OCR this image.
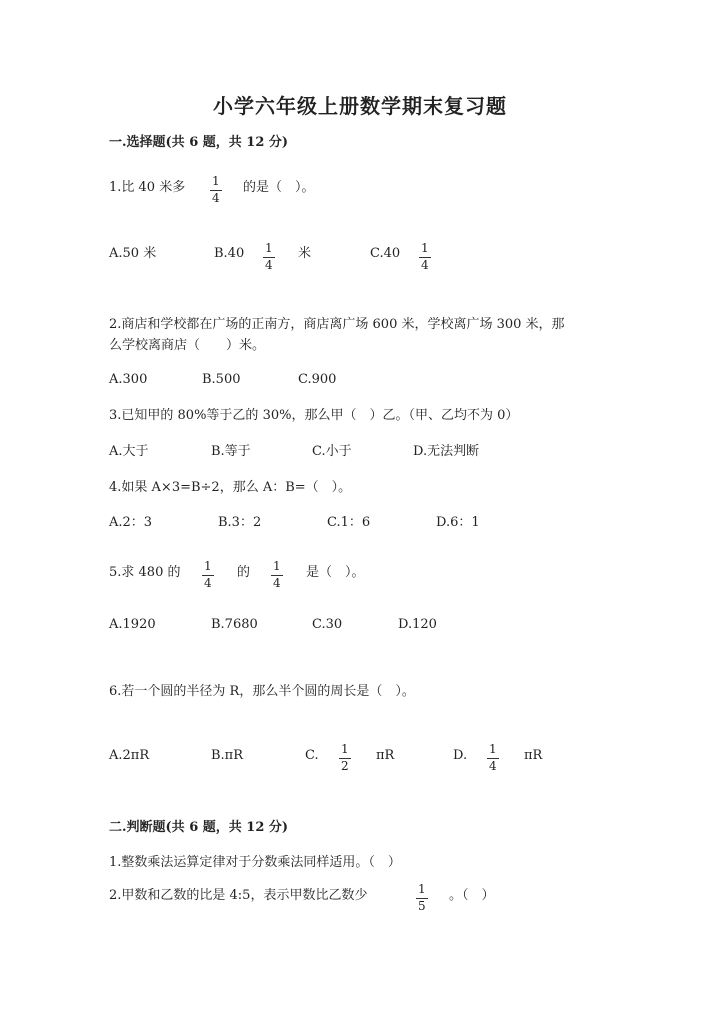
小学六年级上册数学期末复习题
一.选择题(共 6 题，共 12 分)
1.比 40 米多 1
4
的是（　）。
A.50 米	B.40 1
4
米	C.40 1
4
2.商店和学校都在广场的正南方，商店离广场 600 米，学校离广场 300 米，那
么学校离商店（　　）米。
A.300	B.500	C.900
3.已知甲的 80%等于乙的 30%，那么甲（　）乙。（甲、乙均不为 0）
A.大于	B.等于	C.小于	D.无法判断
4.如果 A×3=B÷2，那么 A：B=（　）。
A.2：3	B.3：2	C.1：6	D.6：1
5.求 480 的 1
4
的 1
4
是（　）。
A.1920	B.7680	C.30	D.120
6.若一个圆的半径为 R，那么半个圆的周长是（　）。
A.2πR	B.πR	C. 1
2
πR	D. 1
4
πR
二.判断题(共 6 题，共 12 分)
1.整数乘法运算定律对于分数乘法同样适用。（　）
2.甲数和乙数的比是 4:5，表示甲数比乙数少	1
5
。（　）
